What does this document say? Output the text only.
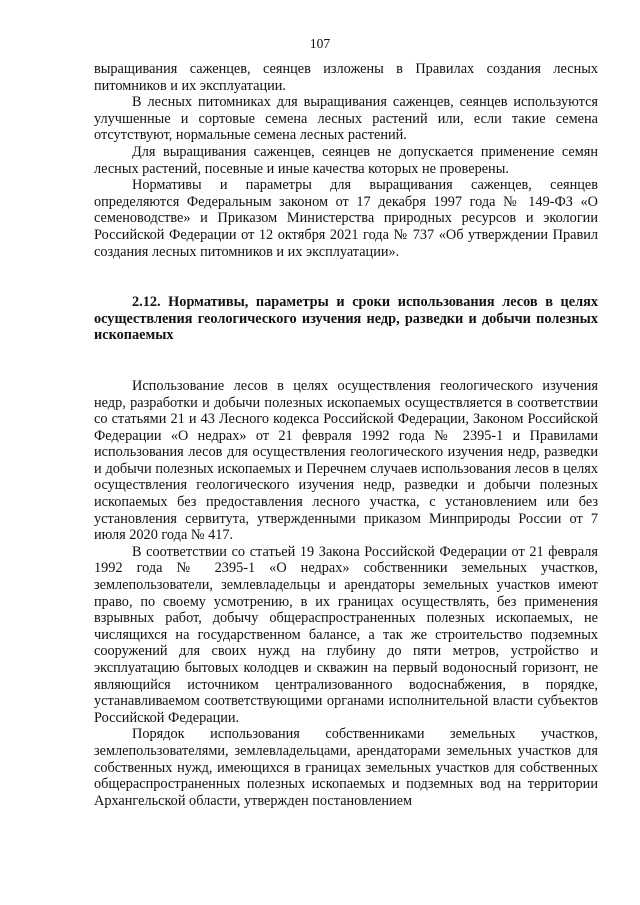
107

выращивания саженцев, сеянцев изложены в Правилах создания лесных питомников и их эксплуатации.

В лесных питомниках для выращивания саженцев, сеянцев используются улучшенные и сортовые семена лесных растений или, если такие семена отсутствуют, нормальные семена лесных растений.

Для выращивания саженцев, сеянцев не допускается применение семян лесных растений, посевные и иные качества которых не проверены.

Нормативы и параметры для выращивания саженцев, сеянцев определяются Федеральным законом от 17 декабря 1997 года № 149-ФЗ «О семеноводстве» и Приказом Министерства природных ресурсов и экологии Российской Федерации от 12 октября 2021 года № 737 «Об утверждении Правил создания лесных питомников и их эксплуатации».

2.12. Нормативы, параметры и сроки использования лесов в целях осуществления геологического изучения недр, разведки и добычи полезных ископаемых

Использование лесов в целях осуществления геологического изучения недр, разработки и добычи полезных ископаемых осуществляется в соответствии со статьями 21 и 43 Лесного кодекса Российской Федерации, Законом Российской Федерации «О недрах» от 21 февраля 1992 года № 2395-1 и Правилами использования лесов для осуществления геологического изучения недр, разведки и добычи полезных ископаемых и Перечнем случаев использования лесов в целях осуществления геологического изучения недр, разведки и добычи полезных ископаемых без предоставления лесного участка, с установлением или без установления сервитута, утвержденными приказом Минприроды России от 7 июля 2020 года № 417.

В соответствии со статьей 19 Закона Российской Федерации от 21 февраля 1992 года № 2395-1 «О недрах» собственники земельных участков, землепользователи, землевладельцы и арендаторы земельных участков имеют право, по своему усмотрению, в их границах осуществлять, без применения взрывных работ, добычу общераспространенных полезных ископаемых, не числящихся на государственном балансе, а так же строительство подземных сооружений для своих нужд на глубину до пяти метров, устройство и эксплуатацию бытовых колодцев и скважин на первый водоносный горизонт, не являющийся источником централизованного водоснабжения, в порядке, устанавливаемом соответствующими органами исполнительной власти субъектов Российской Федерации.

Порядок использования собственниками земельных участков, землепользователями, землевладельцами, арендаторами земельных участков для собственных нужд, имеющихся в границах земельных участков для собственных общераспространенных полезных ископаемых и подземных вод на территории Архангельской области, утвержден постановлением
